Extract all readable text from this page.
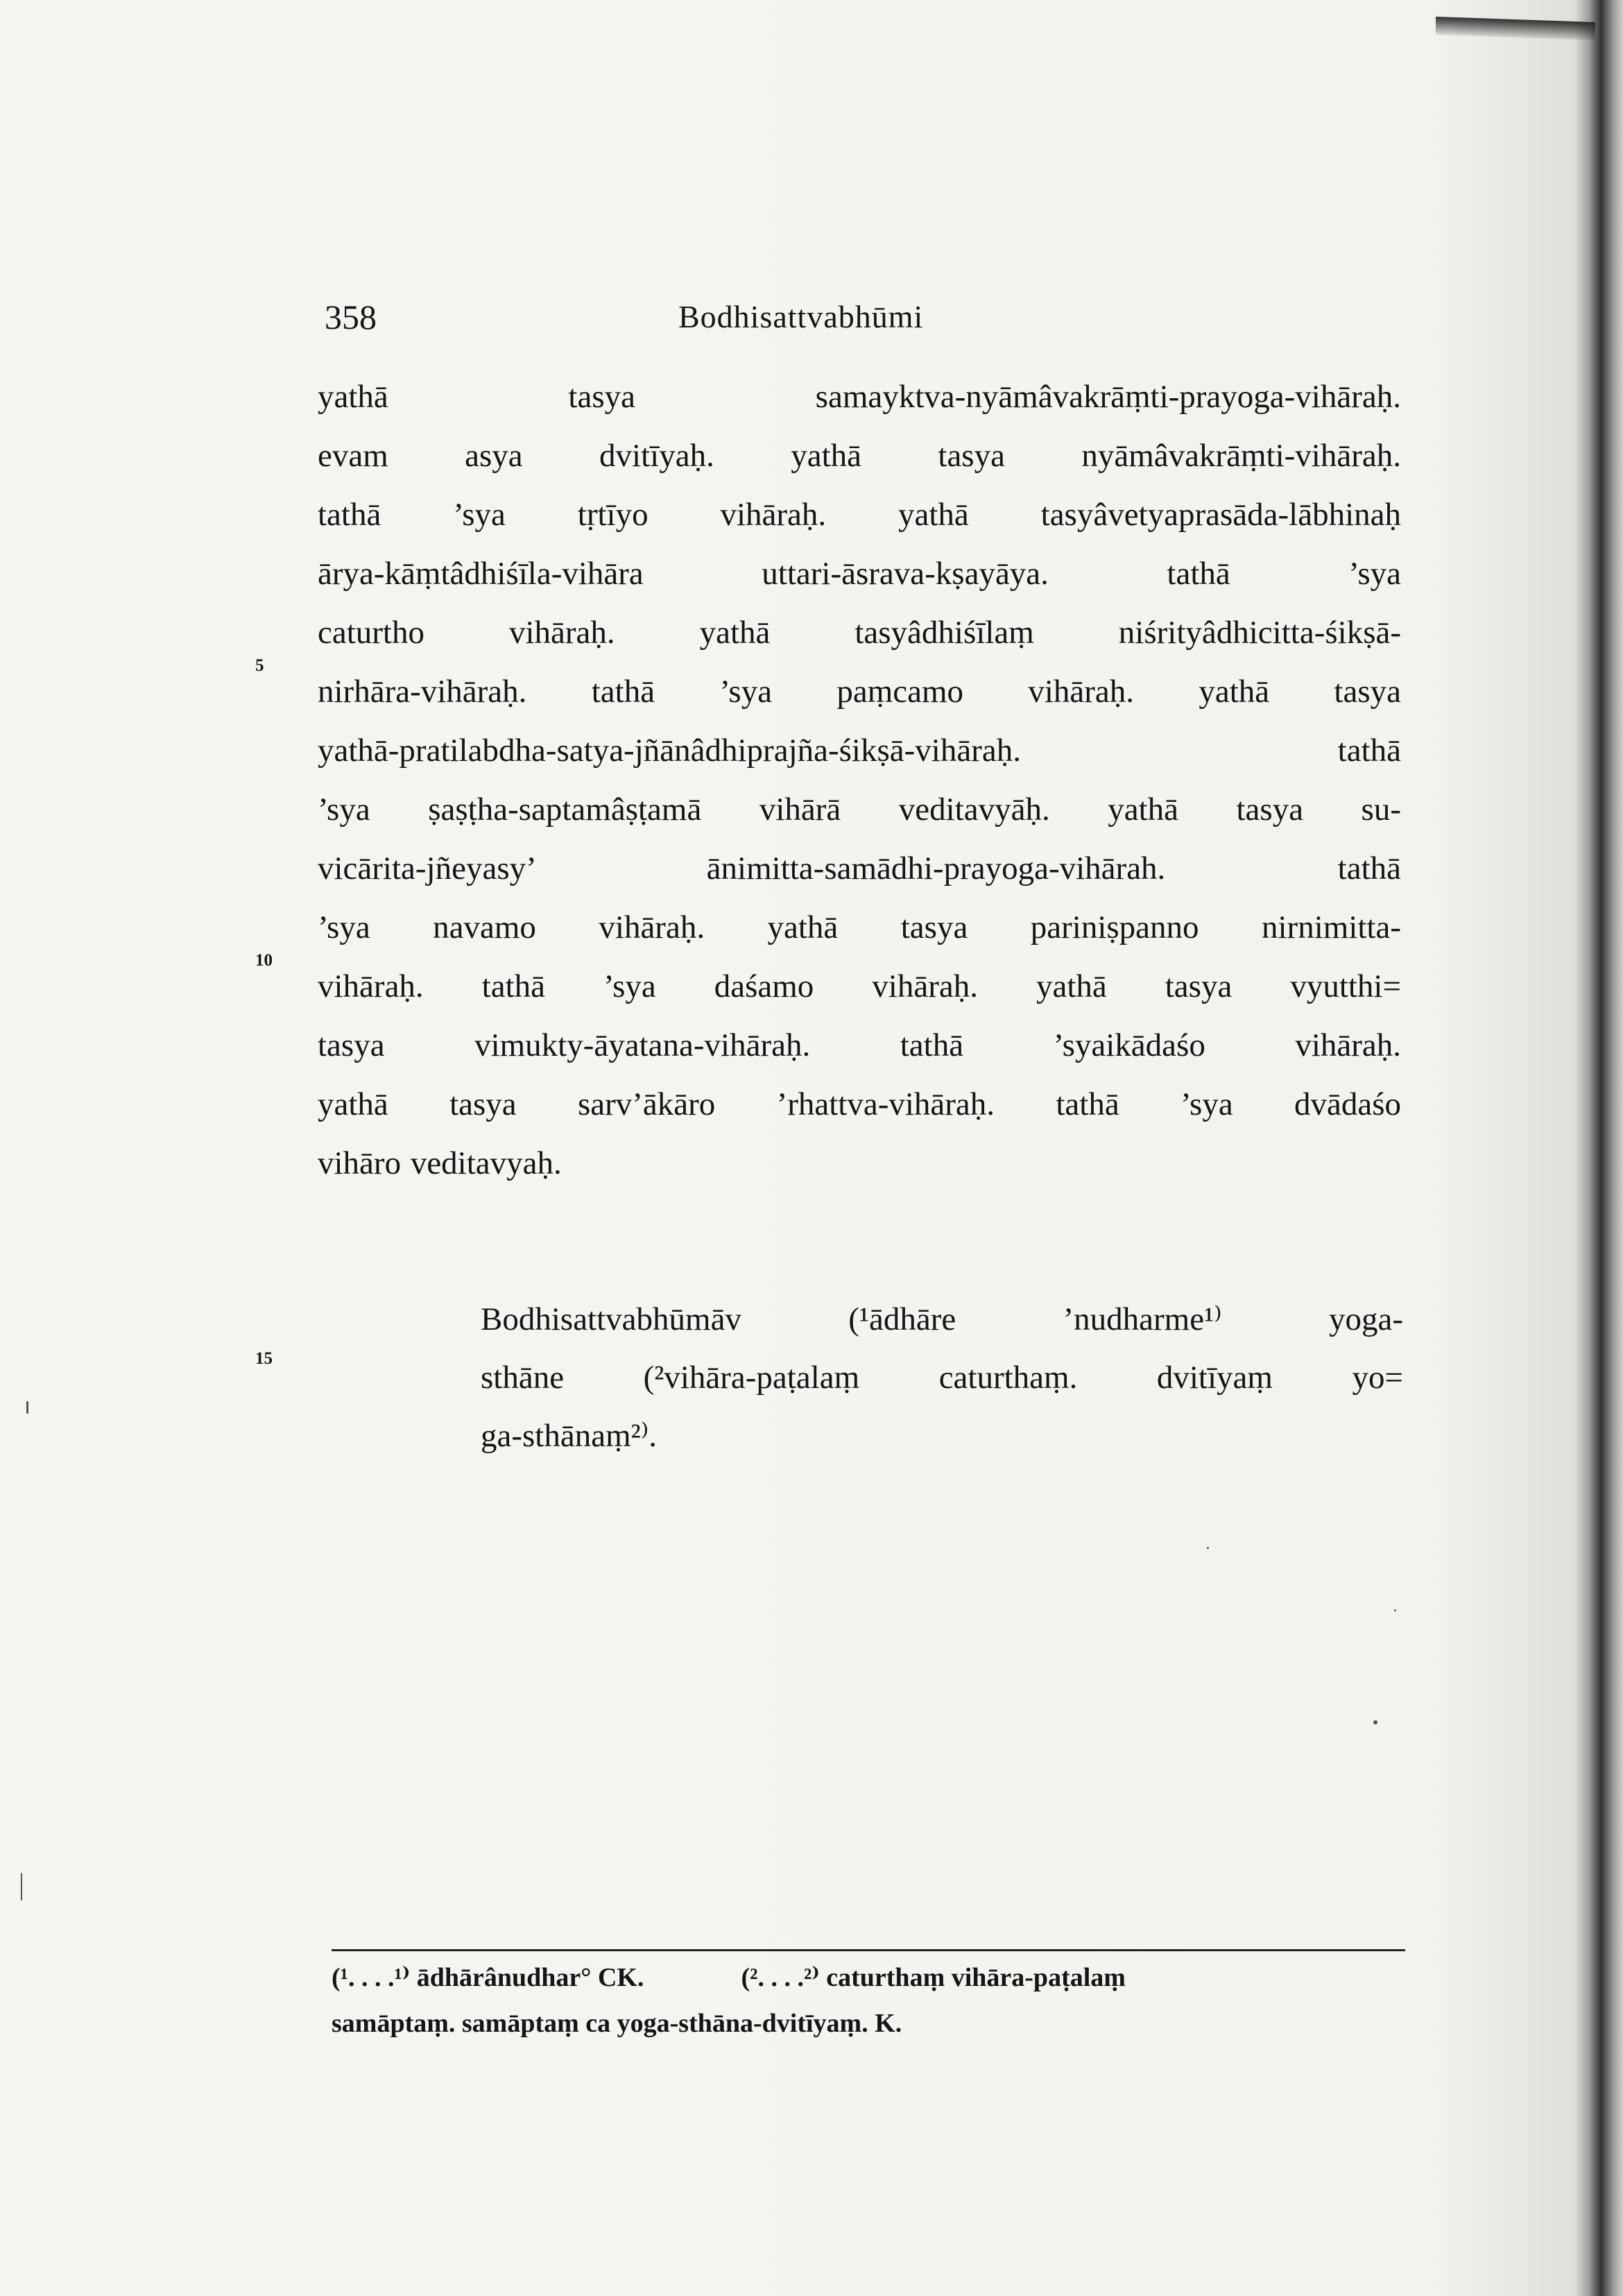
358	Bodhisattvabhūmi
5
10
15
yathā tasya samayktva-nyāmâvakrāṃti-prayoga-vihāraḥ.
evam asya dvitīyaḥ. yathā tasya nyāmâvakrāṃti-vihāraḥ.
tathā ’sya tṛtīyo vihāraḥ. yathā tasyâvetyaprasāda-lābhinaḥ
ārya-kāṃtâdhiśīla-vihāra uttari-āsrava-kṣayāya. tathā ’sya
caturtho vihāraḥ. yathā tasyâdhiśīlaṃ niśrityâdhicitta-śikṣā-
nirhāra-vihāraḥ. tathā ’sya paṃcamo vihāraḥ. yathā tasya
yathā-pratilabdha-satya-jñānâdhiprajña-śikṣā-vihāraḥ. tathā
’sya ṣaṣṭha-saptamâṣṭamā vihārā veditavyāḥ. yathā tasya su-
vicārita-jñeyasy’ ānimitta-samādhi-prayoga-vihārah. tathā
’sya navamo vihāraḥ. yathā tasya pariniṣpanno nirnimitta-
vihāraḥ. tathā ’sya daśamo vihāraḥ. yathā tasya vyutthi=
tasya vimukty-āyatana-vihāraḥ. tathā ’syaikādaśo vihāraḥ.
yathā tasya sarv’ākāro ’rhattva-vihāraḥ. tathā ’sya dvādaśo
vihāro veditavyaḥ.
Bodhisattvabhūmāv (¹ādhāre ’nudharme¹⁾ yoga-
sthāne (²vihāra-paṭalaṃ caturthaṃ. dvitīyaṃ yo=
ga-sthānaṃ²⁾.
(¹. . . .¹⁾ ādhārânudhar° CK.	(². . . .²⁾ caturthaṃ vihāra-paṭalaṃ
samāptaṃ. samāptaṃ ca yoga-sthāna-dvitīyaṃ. K.
